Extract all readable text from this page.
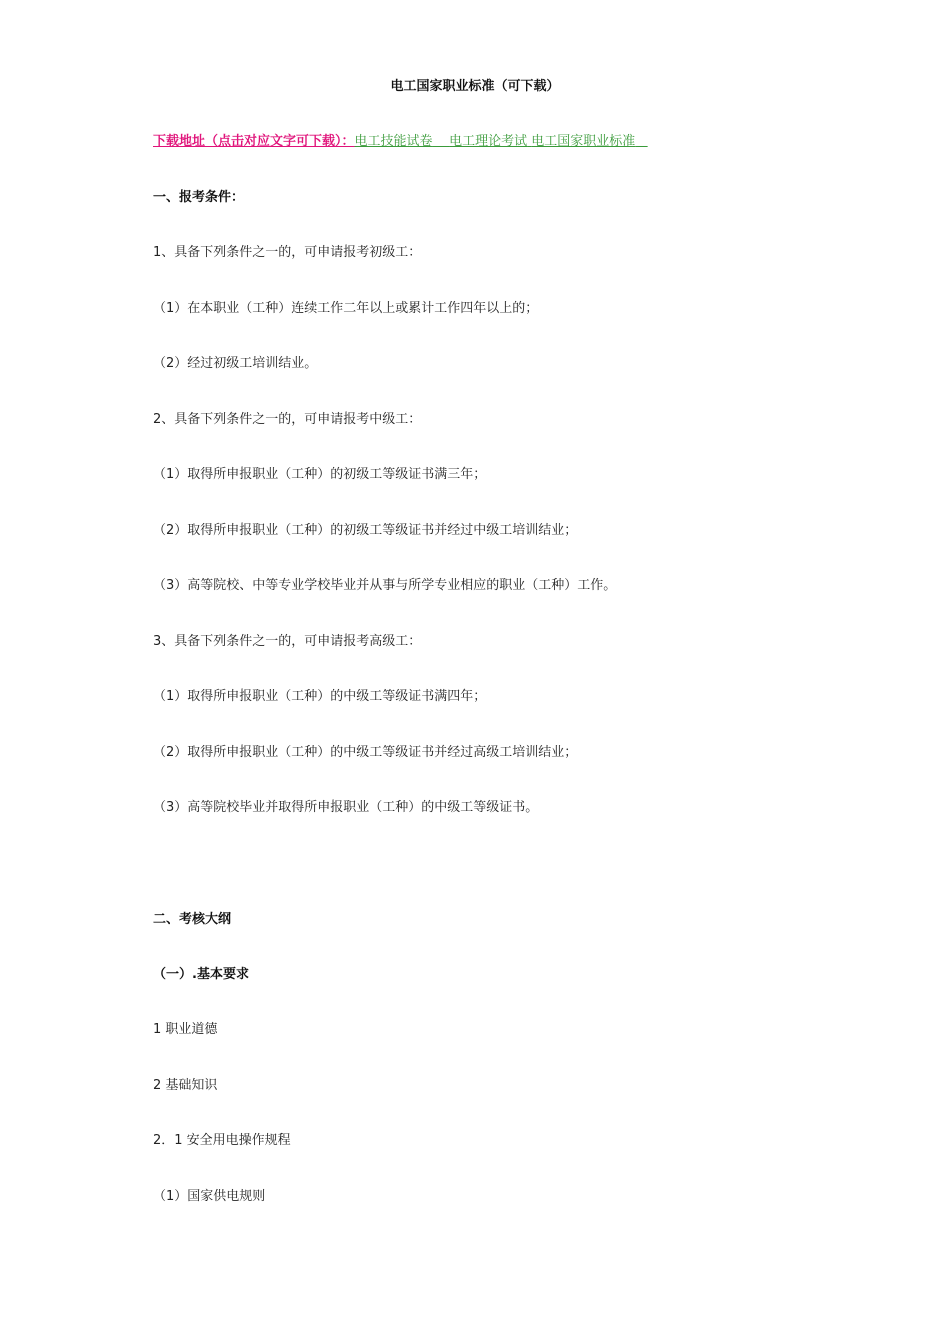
电工国家职业标准（可下载）
下载地址（点击对应文字可下载）：电工技能试卷 电工理论考试 电工国家职业标准
一、报考条件：
1、具备下列条件之一的，可申请报考初级工：
（1）在本职业（工种）连续工作二年以上或累计工作四年以上的；
（2）经过初级工培训结业。
2、具备下列条件之一的，可申请报考中级工：
（1）取得所申报职业（工种）的初级工等级证书满三年；
（2）取得所申报职业（工种）的初级工等级证书并经过中级工培训结业；
（3）高等院校、中等专业学校毕业并从事与所学专业相应的职业（工种）工作。
3、具备下列条件之一的，可申请报考高级工：
（1）取得所申报职业（工种）的中级工等级证书满四年；
（2）取得所申报职业（工种）的中级工等级证书并经过高级工培训结业；
（3）高等院校毕业并取得所申报职业（工种）的中级工等级证书。
二、考核大纲
（一）.基本要求
1 职业道德
2 基础知识
2．1 安全用电操作规程
（1）国家供电规则
